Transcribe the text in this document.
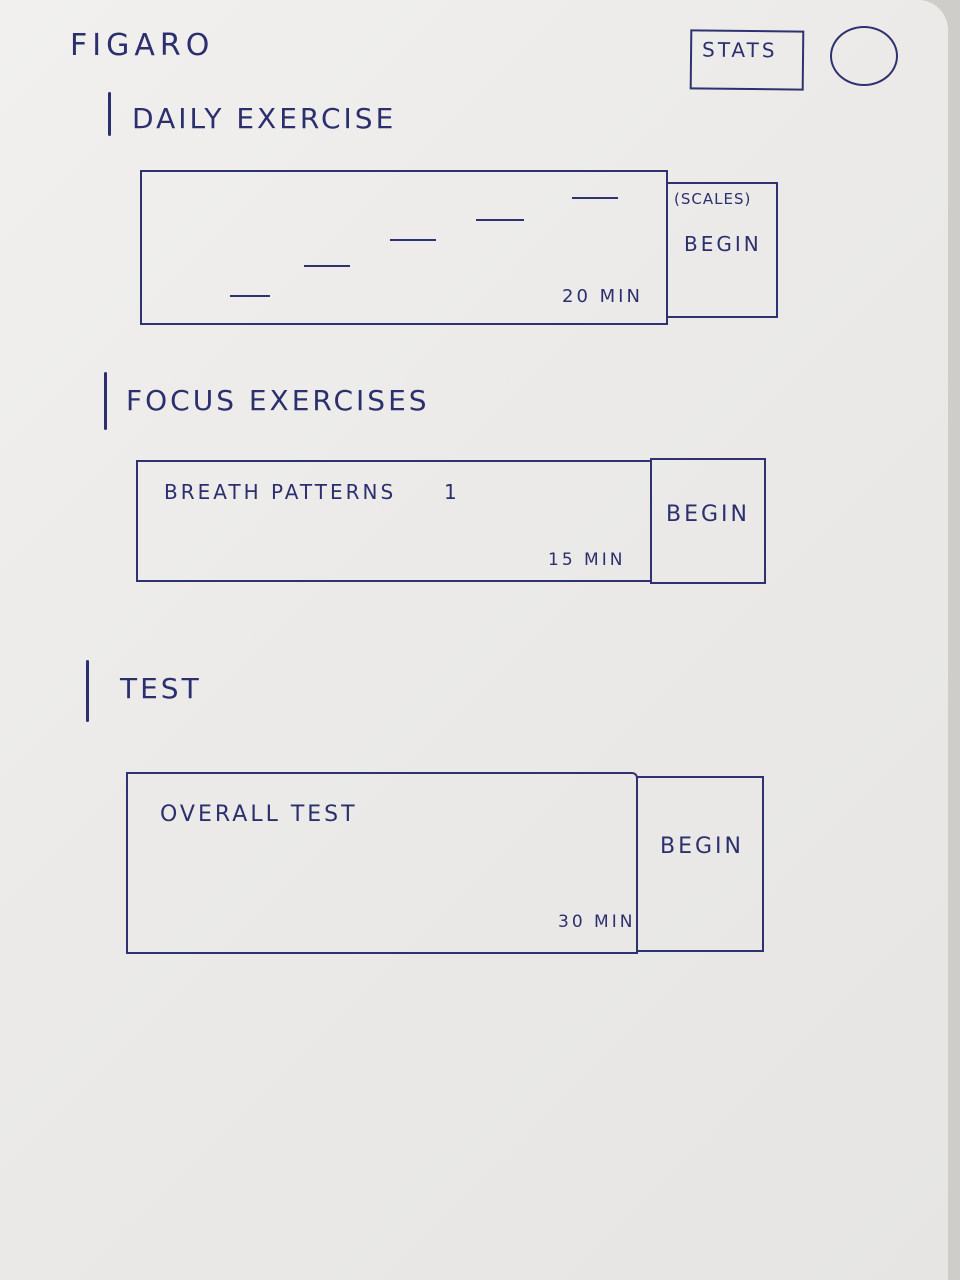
FIGARO	STATS
DAILY EXERCISE
20 MIN
(SCALES)
BEGIN
FOCUS EXERCISES
BREATH PATTERNS 1
15 MIN
BEGIN
TEST
OVERALL TEST
30 MIN
BEGIN
